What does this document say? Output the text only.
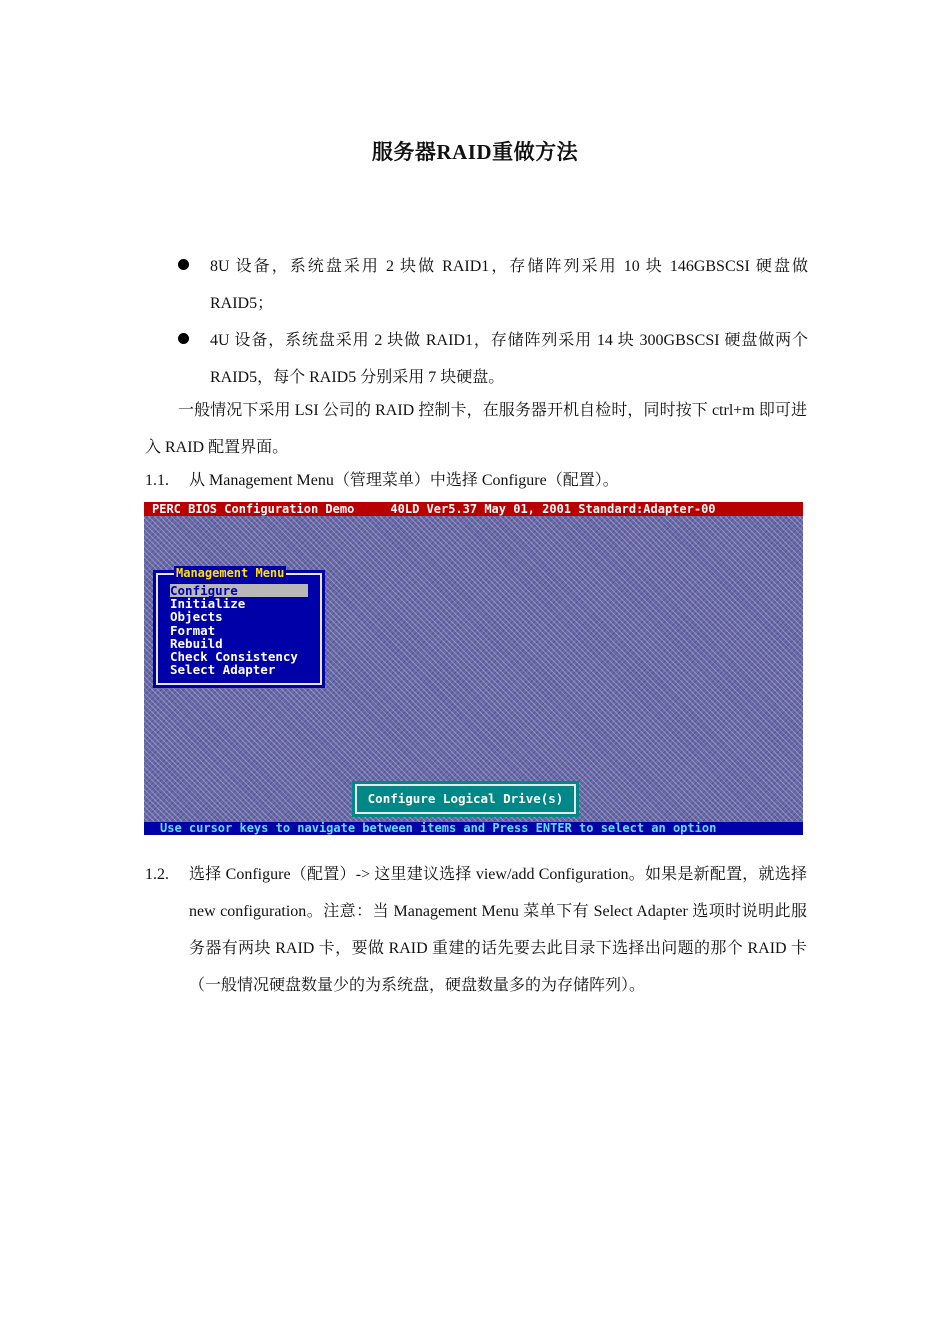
服务器RAID重做方法
8U 设备，系统盘采用 2 块做 RAID1，存储阵列采用 10 块 146GBSCSI 硬盘做 RAID5；
4U 设备，系统盘采用 2 块做 RAID1，存储阵列采用 14 块 300GBSCSI 硬盘做两个 RAID5，每个 RAID5 分别采用 7 块硬盘。
一般情况下采用 LSI 公司的 RAID 控制卡，在服务器开机自检时，同时按下 ctrl+m 即可进入 RAID 配置界面。
1.1. 从 Management Menu（管理菜单）中选择 Configure（配置）。
PERC BIOS Configuration Demo     40LD Ver5.37 May 01, 2001 Standard:Adapter-00
Management Menu
Configure
Initialize
Objects
Format
Rebuild
Check Consistency
Select Adapter
Configure Logical Drive(s)
Use cursor keys to navigate between items and Press ENTER to select an option
1.2. 选择 Configure（配置）-> 这里建议选择 view/add Configuration。如果是新配置，就选择 new configuration。注意：当 Management Menu 菜单下有 Select Adapter 选项时说明此服务器有两块 RAID 卡，要做 RAID 重建的话先要去此目录下选择出问题的那个 RAID 卡（一般情况硬盘数量少的为系统盘，硬盘数量多的为存储阵列）。
